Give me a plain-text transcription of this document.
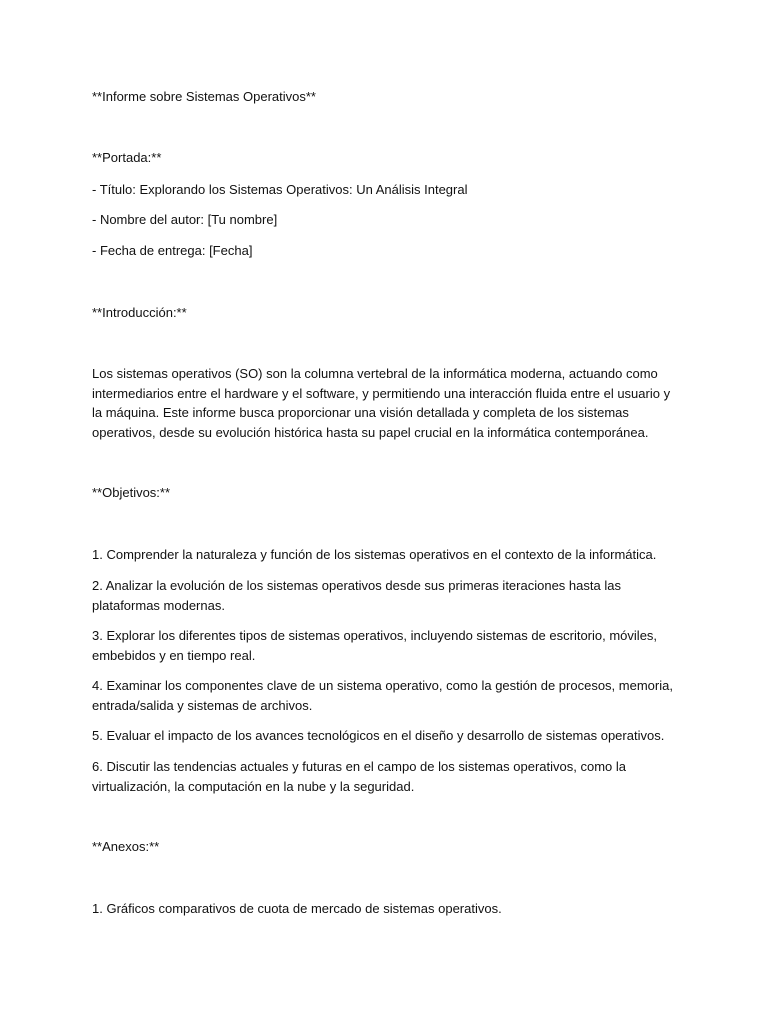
**Informe sobre Sistemas Operativos**
**Portada:**
- Título: Explorando los Sistemas Operativos: Un Análisis Integral
- Nombre del autor: [Tu nombre]
- Fecha de entrega: [Fecha]
**Introducción:**
Los sistemas operativos (SO) son la columna vertebral de la informática moderna, actuando como intermediarios entre el hardware y el software, y permitiendo una interacción fluida entre el usuario y la máquina. Este informe busca proporcionar una visión detallada y completa de los sistemas operativos, desde su evolución histórica hasta su papel crucial en la informática contemporánea.
**Objetivos:**
1. Comprender la naturaleza y función de los sistemas operativos en el contexto de la informática.
2. Analizar la evolución de los sistemas operativos desde sus primeras iteraciones hasta las plataformas modernas.
3. Explorar los diferentes tipos de sistemas operativos, incluyendo sistemas de escritorio, móviles, embebidos y en tiempo real.
4. Examinar los componentes clave de un sistema operativo, como la gestión de procesos, memoria, entrada/salida y sistemas de archivos.
5. Evaluar el impacto de los avances tecnológicos en el diseño y desarrollo de sistemas operativos.
6. Discutir las tendencias actuales y futuras en el campo de los sistemas operativos, como la virtualización, la computación en la nube y la seguridad.
**Anexos:**
1. Gráficos comparativos de cuota de mercado de sistemas operativos.
